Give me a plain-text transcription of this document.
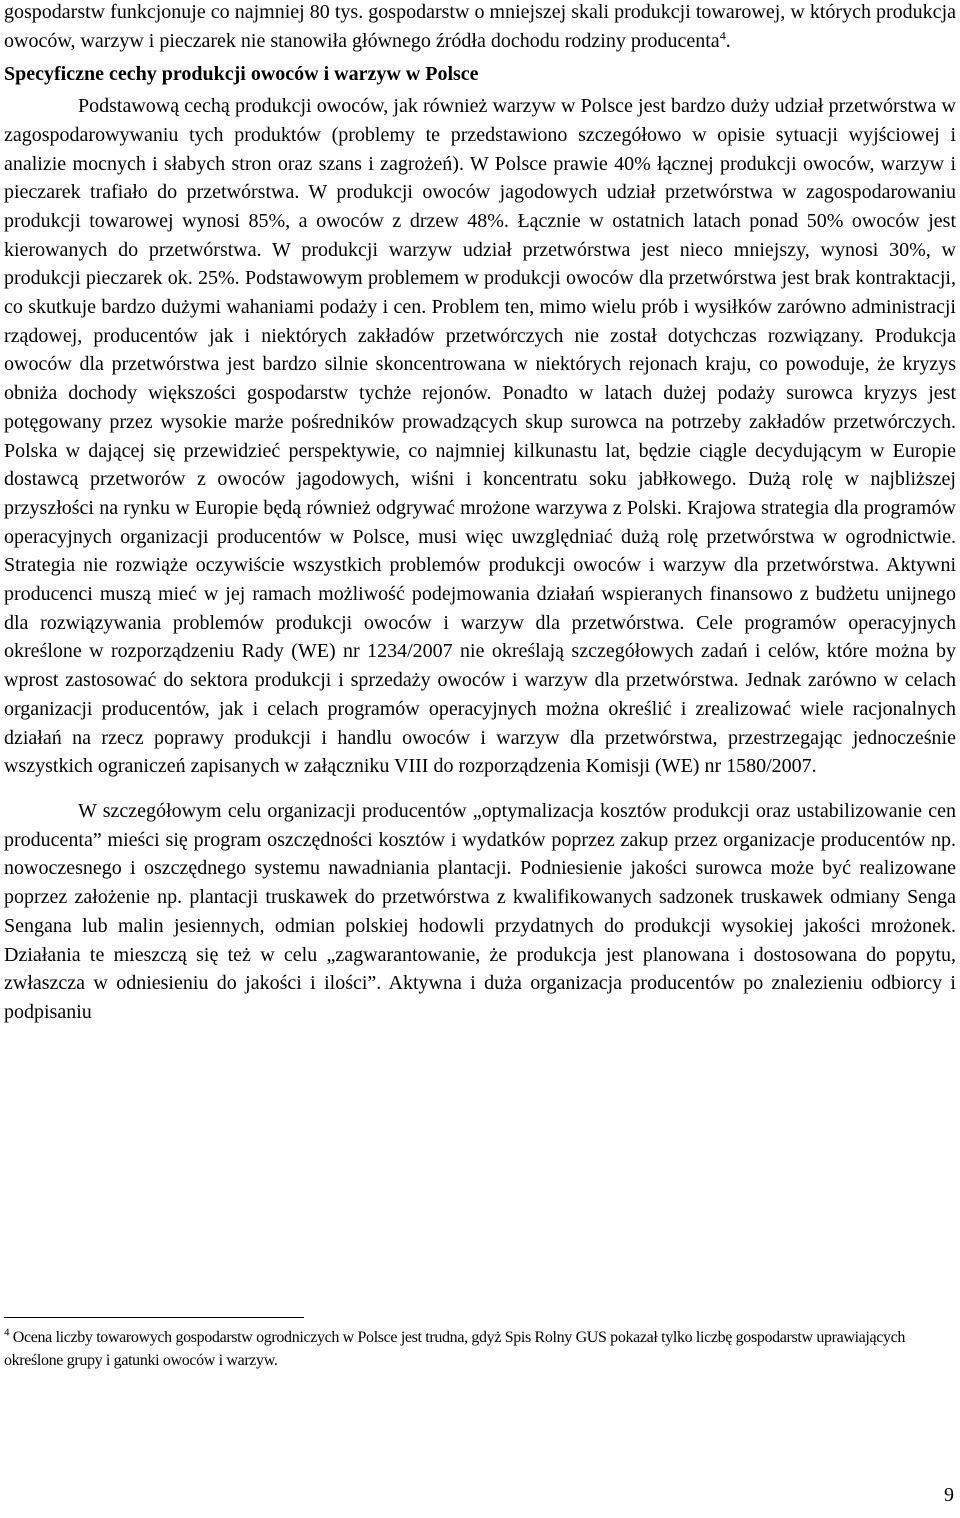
gospodarstw funkcjonuje co najmniej 80 tys. gospodarstw o mniejszej skali produkcji towarowej, w których produkcja owoców, warzyw i pieczarek nie stanowiła głównego źródła dochodu rodziny producenta$^4$.

Specyficzne cechy produkcji owoców i warzyw w Polsce

Podstawową cechą produkcji owoców, jak również warzyw w Polsce jest bardzo duży udział przetwórstwa w zagospodarowywaniu tych produktów (problemy te przedstawiono szczegółowo w opisie sytuacji wyjściowej i analizie mocnych i słabych stron oraz szans i zagrożeń). W Polsce prawie 40% łącznej produkcji owoców, warzyw i pieczarek trafiało do przetwórstwa. W produkcji owoców jagodowych udział przetwórstwa w zagospodarowaniu produkcji towarowej wynosi 85%, a owoców z drzew 48%. Łącznie w ostatnich latach ponad 50% owoców jest kierowanych do przetwórstwa. W produkcji warzyw udział przetwórstwa jest nieco mniejszy, wynosi 30%, w produkcji pieczarek ok. 25%. Podstawowym problemem w produkcji owoców dla przetwórstwa jest brak kontraktacji, co skutkuje bardzo dużymi wahaniami podaży i cen. Problem ten, mimo wielu prób i wysiłków zarówno administracji rządowej, producentów jak i niektórych zakładów przetwórczych nie został dotychczas rozwiązany. Produkcja owoców dla przetwórstwa jest bardzo silnie skoncentrowana w niektórych rejonach kraju, co powoduje, że kryzys obniża dochody większości gospodarstw tychże rejonów. Ponadto w latach dużej podaży surowca kryzys jest potęgowany przez wysokie marże pośredników prowadzących skup surowca na potrzeby zakładów przetwórczych. Polska w dającej się przewidzieć perspektywie, co najmniej kilkunastu lat, będzie ciągle decydującym w Europie dostawcą przetworów z owoców jagodowych, wiśni i koncentratu soku jabłkowego. Dużą rolę w najbliższej przyszłości na rynku w Europie będą również odgrywać mrożone warzywa z Polski. Krajowa strategia dla programów operacyjnych organizacji producentów w Polsce, musi więc uwzględniać dużą rolę przetwórstwa w ogrodnictwie. Strategia nie rozwiąże oczywiście wszystkich problemów produkcji owoców i warzyw dla przetwórstwa. Aktywni producenci muszą mieć w jej ramach możliwość podejmowania działań wspieranych finansowo z budżetu unijnego dla rozwiązywania problemów produkcji owoców i warzyw dla przetwórstwa. Cele programów operacyjnych określone w rozporządzeniu Rady (WE) nr 1234/2007 nie określają szczegółowych zadań i celów, które można by wprost zastosować do sektora produkcji i sprzedaży owoców i warzyw dla przetwórstwa. Jednak zarówno w celach organizacji producentów, jak i celach programów operacyjnych można określić i zrealizować wiele racjonalnych działań na rzecz poprawy produkcji i handlu owoców i warzyw dla przetwórstwa, przestrzegając jednocześnie wszystkich ograniczeń zapisanych w załączniku VIII do rozporządzenia Komisji (WE) nr 1580/2007.

W szczegółowym celu organizacji producentów „optymalizacja kosztów produkcji oraz ustabilizowanie cen producenta” mieści się program oszczędności kosztów i wydatków poprzez zakup przez organizacje producentów np. nowoczesnego i oszczędnego systemu nawadniania plantacji. Podniesienie jakości surowca może być realizowane poprzez założenie np. plantacji truskawek do przetwórstwa z kwalifikowanych sadzonek truskawek odmiany Senga Sengana lub malin jesiennych, odmian polskiej hodowli przydatnych do produkcji wysokiej jakości mrożonek. Działania te mieszczą się też w celu „zagwarantowanie, że produkcja jest planowana i dostosowana do popytu, zwłaszcza w odniesieniu do jakości i ilości”. Aktywna i duża organizacja producentów po znalezieniu odbiorcy i podpisaniu

$^4$ Ocena liczby towarowych gospodarstw ogrodniczych w Polsce jest trudna, gdyż Spis Rolny GUS pokazał tylko liczbę gospodarstw uprawiających określone grupy i gatunki owoców i warzyw.
9
